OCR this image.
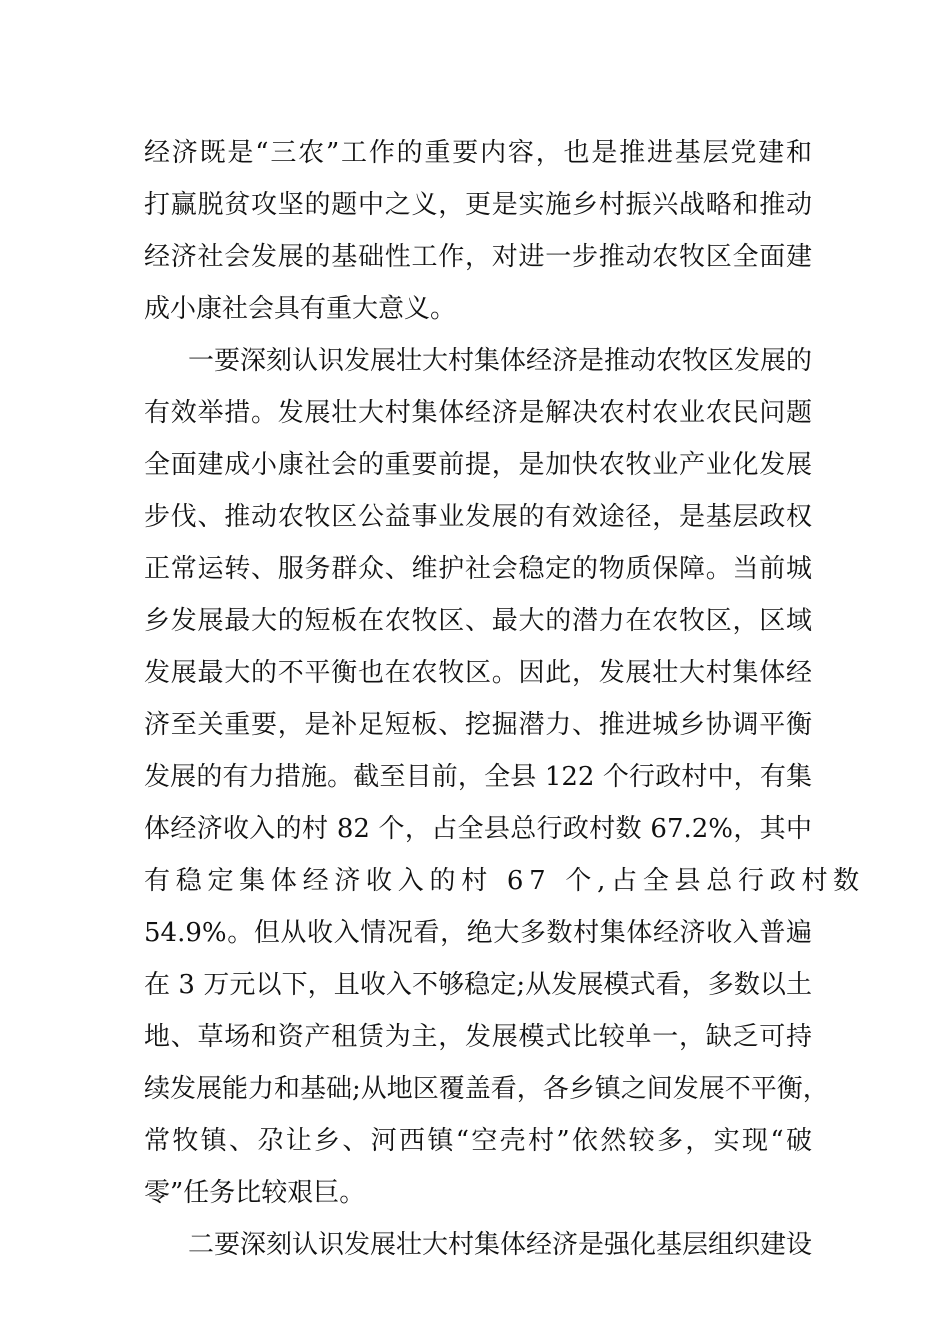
经济既是“三农”工作的重要内容，也是推进基层党建和
打赢脱贫攻坚的题中之义，更是实施乡村振兴战略和推动
经济社会发展的基础性工作，对进一步推动农牧区全面建
成小康社会具有重大意义。
一要深刻认识发展壮大村集体经济是推动农牧区发展的
有效举措。发展壮大村集体经济是解决农村农业农民问题
全面建成小康社会的重要前提，是加快农牧业产业化发展
步伐、推动农牧区公益事业发展的有效途径，是基层政权
正常运转、服务群众、维护社会稳定的物质保障。当前城
乡发展最大的短板在农牧区、最大的潜力在农牧区，区域
发展最大的不平衡也在农牧区。因此，发展壮大村集体经
济至关重要，是补足短板、挖掘潜力、推进城乡协调平衡
发展的有力措施。截至目前，全县 122 个行政村中，有集
体经济收入的村 82 个，占全县总行政村数 67.2%，其中
有稳定集体经济收入的村 67 个,占全县总行政村数
54.9%。但从收入情况看，绝大多数村集体经济收入普遍
在 3 万元以下，且收入不够稳定;从发展模式看，多数以土
地、草场和资产租赁为主，发展模式比较单一，缺乏可持
续发展能力和基础;从地区覆盖看，各乡镇之间发展不平衡，
常牧镇、尕让乡、河西镇“空壳村”依然较多，实现“破
零”任务比较艰巨。
二要深刻认识发展壮大村集体经济是强化基层组织建设
